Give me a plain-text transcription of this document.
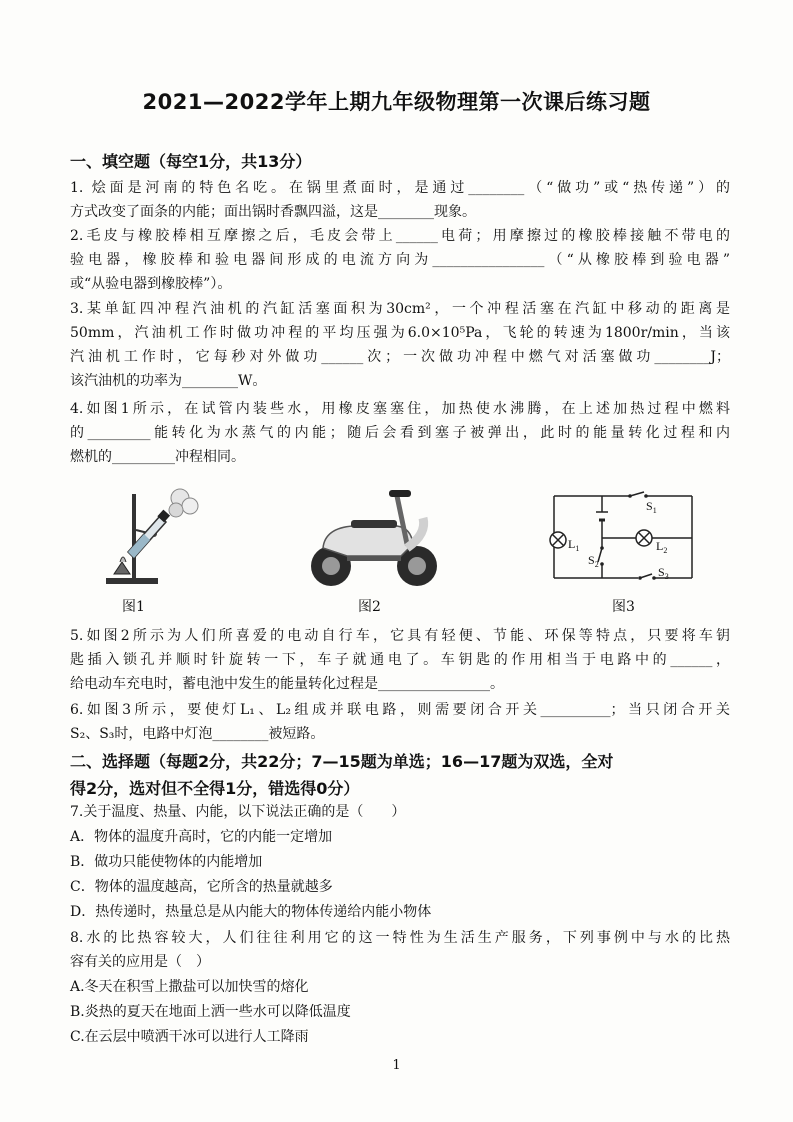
2021—2022学年上期九年级物理第一次课后练习题
一、填空题（每空1分，共13分）
1. 烩面是河南的特色名吃。在锅里煮面时，是通过________（“做功”或“热传递”）的
方式改变了面条的内能；面出锅时香飘四溢，这是________现象。
2.毛皮与橡胶棒相互摩擦之后，毛皮会带上______电荷；用摩擦过的橡胶棒接触不带电的
验电器，橡胶棒和验电器间形成的电流方向为________________（“从橡胶棒到验电器”
或“从验电器到橡胶棒”）。
3.某单缸四冲程汽油机的汽缸活塞面积为30cm²，一个冲程活塞在汽缸中移动的距离是
50mm，汽油机工作时做功冲程的平均压强为6.0×10⁵Pa，飞轮的转速为1800r/min，当该
汽油机工作时，它每秒对外做功______次；一次做功冲程中燃气对活塞做功________J；
该汽油机的功率为________W。
4.如图1所示，在试管内装些水，用橡皮塞塞住，加热使水沸腾，在上述加热过程中燃料
的_________能转化为水蒸气的内能；随后会看到塞子被弹出，此时的能量转化过程和内
燃机的_________冲程相同。
图1	图2
$L_1$	$L_2$
$S_1$
$S_2$
$S_3$
图3
5.如图2所示为人们所喜爱的电动自行车，它具有轻便、节能、环保等特点，只要将车钥
匙插入锁孔并顺时针旋转一下，车子就通电了。车钥匙的作用相当于电路中的______，
给电动车充电时，蓄电池中发生的能量转化过程是________________。
6.如图3所示，要使灯L₁、L₂组成并联电路，则需要闭合开关__________；当只闭合开关
S₂、S₃时，电路中灯泡________被短路。
二、选择题（每题2分，共22分；7—15题为单选；16—17题为双选，全对
得2分，选对但不全得1分，错选得0分）
7.关于温度、热量、内能，以下说法正确的是（　　）
A．物体的温度升高时，它的内能一定增加
B．做功只能使物体的内能增加
C．物体的温度越高，它所含的热量就越多
D．热传递时，热量总是从内能大的物体传递给内能小物体
8.水的比热容较大，人们往往利用它的这一特性为生活生产服务，下列事例中与水的比热
容有关的应用是（　）
A.冬天在积雪上撒盐可以加快雪的熔化
B.炎热的夏天在地面上洒一些水可以降低温度
C.在云层中喷洒干冰可以进行人工降雨
1
